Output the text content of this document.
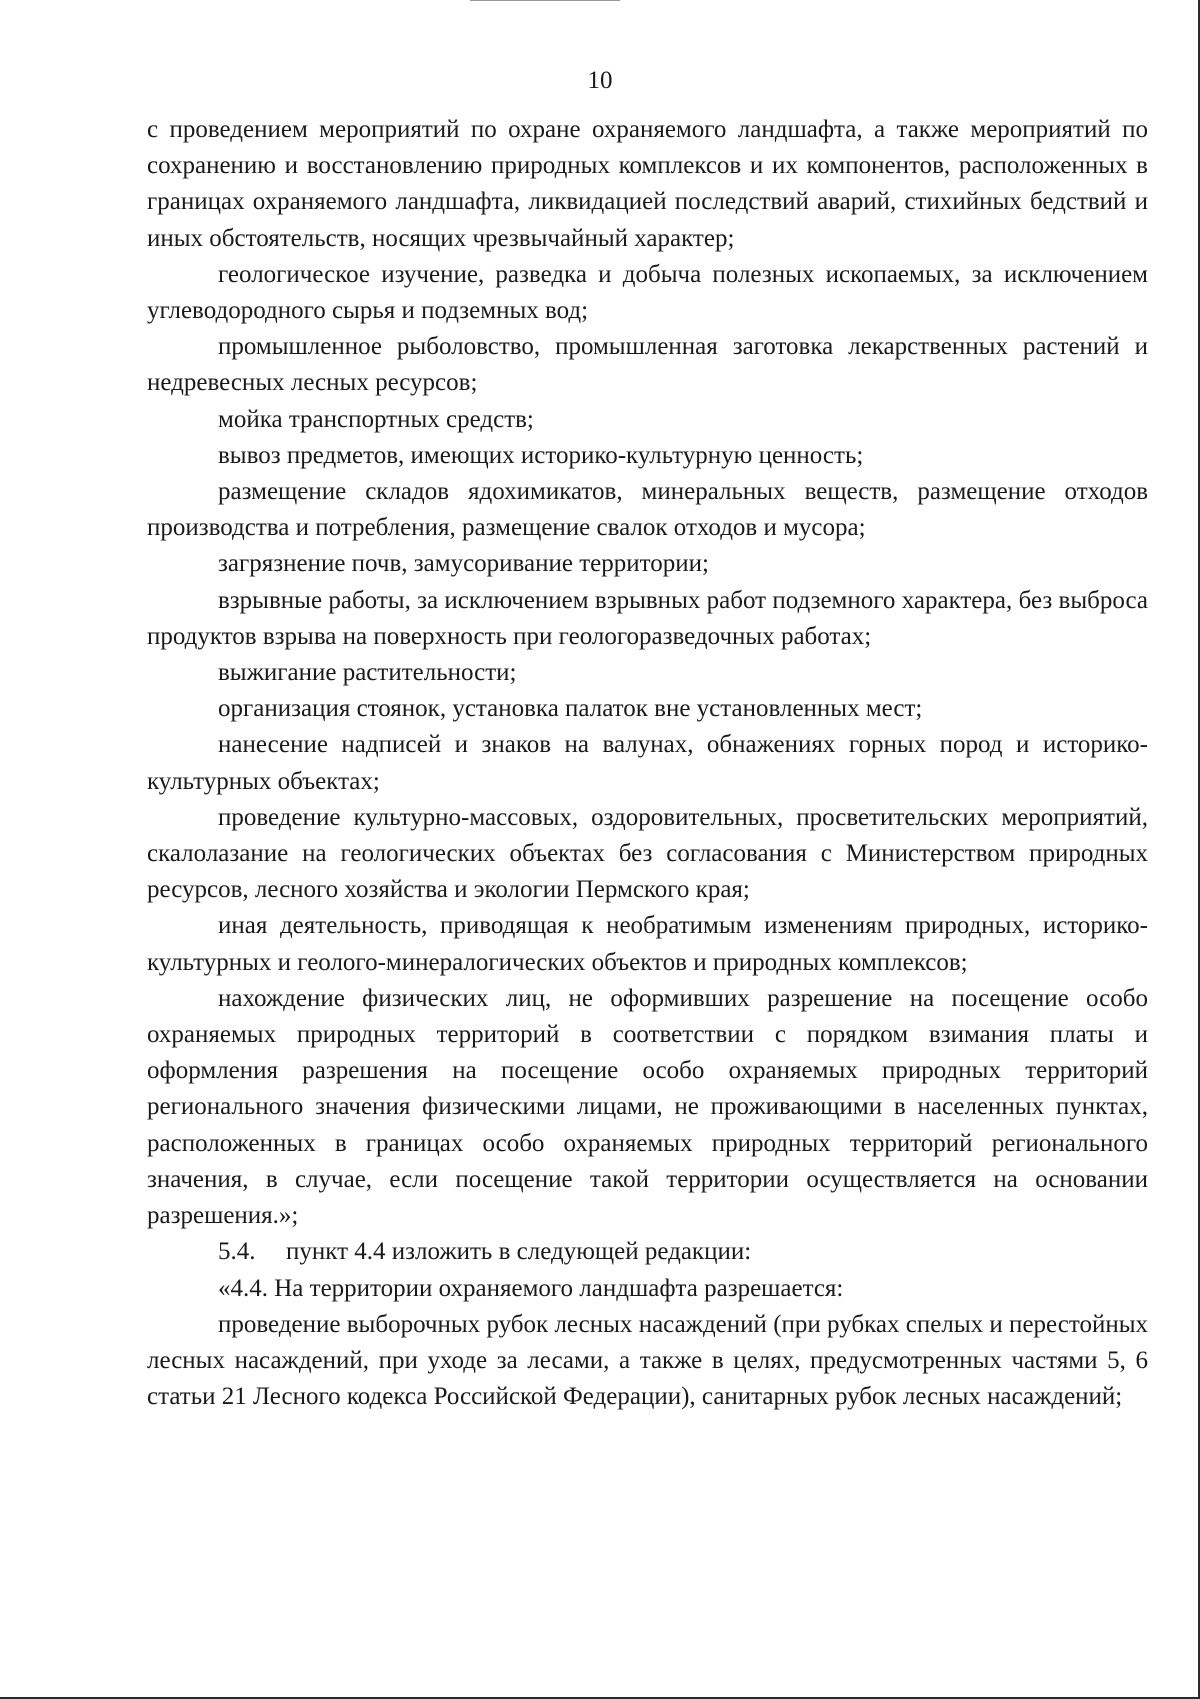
10

с проведением мероприятий по охране охраняемого ландшафта, а также мероприятий по сохранению и восстановлению природных комплексов и их компонентов, расположенных в границах охраняемого ландшафта, ликвидацией последствий аварий, стихийных бедствий и иных обстоятельств, носящих чрезвычайный характер;

геологическое изучение, разведка и добыча полезных ископаемых, за исключением углеводородного сырья и подземных вод;

промышленное рыболовство, промышленная заготовка лекарственных растений и недревесных лесных ресурсов;

мойка транспортных средств;

вывоз предметов, имеющих историко-культурную ценность;

размещение складов ядохимикатов, минеральных веществ, размещение отходов производства и потребления, размещение свалок отходов и мусора;

загрязнение почв, замусоривание территории;

взрывные работы, за исключением взрывных работ подземного характера, без выброса продуктов взрыва на поверхность при геологоразведочных работах;

выжигание растительности;

организация стоянок, установка палаток вне установленных мест;

нанесение надписей и знаков на валунах, обнажениях горных пород и историко-культурных объектах;

проведение культурно-массовых, оздоровительных, просветительских мероприятий, скалолазание на геологических объектах без согласования с Министерством природных ресурсов, лесного хозяйства и экологии Пермского края;

иная деятельность, приводящая к необратимым изменениям природных, историко-культурных и геолого-минералогических объектов и природных комплексов;

нахождение физических лиц, не оформивших разрешение на посещение особо охраняемых природных территорий в соответствии с порядком взимания платы и оформления разрешения на посещение особо охраняемых природных территорий регионального значения физическими лицами, не проживающими в населенных пунктах, расположенных в границах особо охраняемых природных территорий регионального значения, в случае, если посещение такой территории осуществляется на основании разрешения.»;

5.4. пункт 4.4 изложить в следующей редакции:

«4.4. На территории охраняемого ландшафта разрешается:

проведение выборочных рубок лесных насаждений (при рубках спелых и перестойных лесных насаждений, при уходе за лесами, а также в целях, предусмотренных частями 5, 6 статьи 21 Лесного кодекса Российской Федерации), санитарных рубок лесных насаждений;
